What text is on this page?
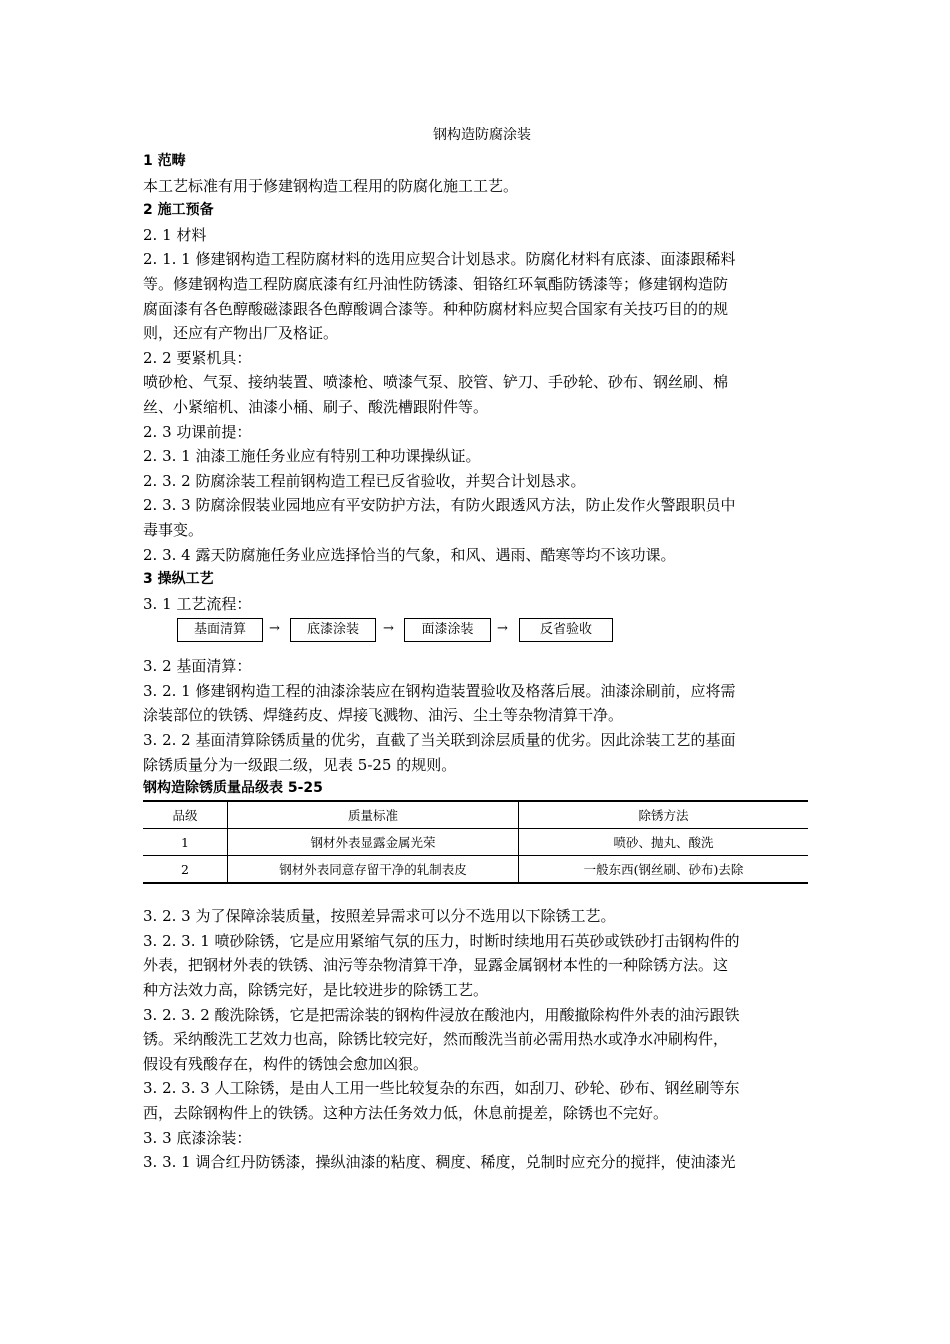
钢构造防腐涂装
1 范畴
本工艺标准有用于修建钢构造工程用的防腐化施工工艺。
2 施工预备
2. 1 材料
2. 1. 1 修建钢构造工程防腐材料的选用应契合计划恳求。防腐化材料有底漆、面漆跟稀料
等。修建钢构造工程防腐底漆有红丹油性防锈漆、钼铬红环氧酯防锈漆等；修建钢构造防
腐面漆有各色醇酸磁漆跟各色醇酸调合漆等。种种防腐材料应契合国家有关技巧目的的规
则，还应有产物出厂及格证。
2. 2 要紧机具：
喷砂枪、气泵、接纳装置、喷漆枪、喷漆气泵、胶管、铲刀、手砂轮、砂布、钢丝刷、棉
丝、小紧缩机、油漆小桶、刷子、酸洗槽跟附件等。
2. 3 功课前提：
2. 3. 1 油漆工施任务业应有特别工种功课操纵证。
2. 3. 2 防腐涂装工程前钢构造工程已反省验收，并契合计划恳求。
2. 3. 3 防腐涂假装业园地应有平安防护方法，有防火跟透风方法，防止发作火警跟职员中
毒事变。
2. 3. 4 露天防腐施任务业应选择恰当的气象，和风、遇雨、酷寒等均不该功课。
3 操纵工艺
3. 1 工艺流程：
基面清算	→	底漆涂装	→	面漆涂装	→	反省验收
3. 2 基面清算：
3. 2. 1 修建钢构造工程的油漆涂装应在钢构造装置验收及格落后展。油漆涂刷前，应将需
涂装部位的铁锈、焊缝药皮、焊接飞溅物、油污、尘土等杂物清算干净。
3. 2. 2 基面清算除锈质量的优劣，直截了当关联到涂层质量的优劣。因此涂装工艺的基面
除锈质量分为一级跟二级，见表 5-25 的规则。
钢构造除锈质量品级表 5-25
品级	质量标准	除锈方法
1	钢材外表显露金属光荣	喷砂、抛丸、酸洗
2	钢材外表同意存留干净的轧制表皮	一般东西(钢丝刷、砂布)去除
3. 2. 3 为了保障涂装质量，按照差异需求可以分不选用以下除锈工艺。
3. 2. 3. 1 喷砂除锈，它是应用紧缩气氛的压力，时断时续地用石英砂或铁砂打击钢构件的
外表，把钢材外表的铁锈、油污等杂物清算干净，显露金属钢材本性的一种除锈方法。这
种方法效力高，除锈完好，是比较进步的除锈工艺。
3. 2. 3. 2 酸洗除锈，它是把需涂装的钢构件浸放在酸池内，用酸撤除构件外表的油污跟铁
锈。采纳酸洗工艺效力也高，除锈比较完好，然而酸洗当前必需用热水或净水冲刷构件，
假设有残酸存在，构件的锈蚀会愈加凶狠。
3. 2. 3. 3 人工除锈，是由人工用一些比较复杂的东西，如刮刀、砂轮、砂布、钢丝刷等东
西，去除钢构件上的铁锈。这种方法任务效力低，休息前提差，除锈也不完好。
3. 3 底漆涂装：
3. 3. 1 调合红丹防锈漆，操纵油漆的粘度、稠度、稀度，兑制时应充分的搅拌，使油漆光
